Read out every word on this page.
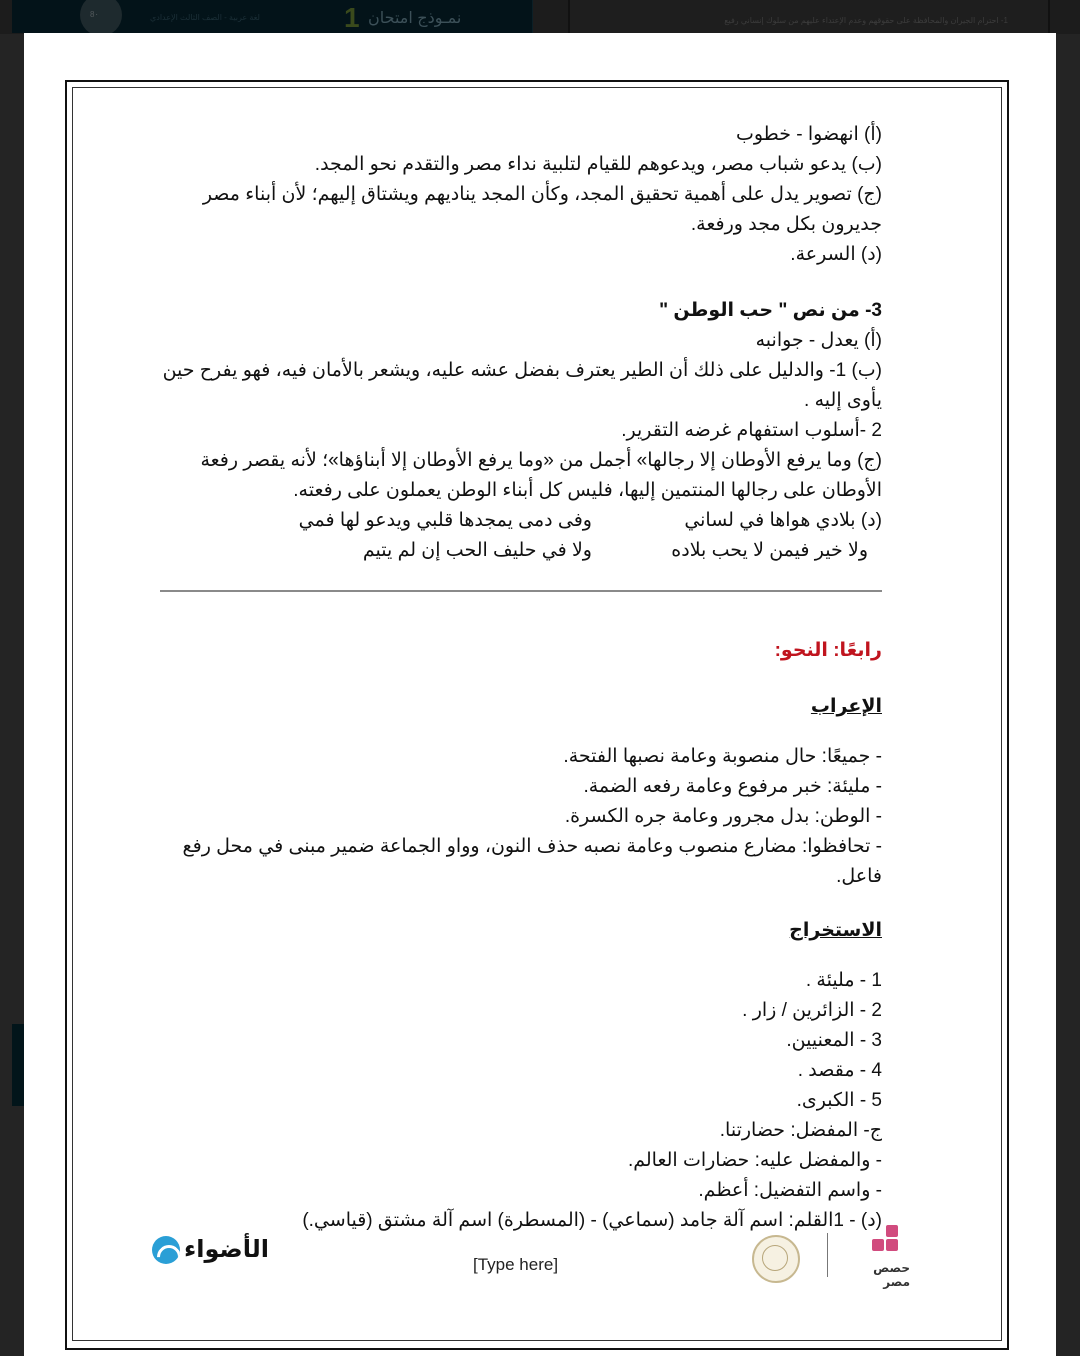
8٠	لغة عربية - الصف الثالث الإعدادي	1 نمـوذج امتحان	1- احترام الجيران والمحافظة على حقوقهم وعدم الإعتداء عليهم من سلوك إنساني رفيع
(أ) انهضوا - خطوب
(ب) يدعو شباب مصر، ويدعوهم للقيام لتلبية نداء مصر والتقدم نحو المجد.
(ج) تصوير يدل على أهمية تحقيق المجد، وكأن المجد يناديهم ويشتاق إليهم؛ لأن أبناء مصر
جديرون بكل مجد ورفعة.
(د) السرعة.
3- من نص " حب الوطن "
(أ) يعدل - جوانبه
(ب) 1- والدليل على ذلك أن الطير يعترف بفضل عشه عليه، ويشعر بالأمان فيه، فهو يفرح حين
يأوى إليه .
2 -أسلوب استفهام غرضه التقرير.
(ج) وما يرفع الأوطان إلا رجالها» أجمل من «وما يرفع الأوطان إلا أبناؤها»؛ لأنه يقصر رفعة
الأوطان على رجالها المنتمين إليها، فليس كل أبناء الوطن يعملون على رفعته.
(د) بلادي هواها في لساني
وفى دمى يمجدها قلبي ويدعو لها فمي
ولا خير فيمن لا يحب بلاده
ولا في حليف الحب إن لم يتيم
رابعًا: النحو:
الإعراب
- جميعًا: حال منصوبة وعامة نصبها الفتحة.
- مليئة: خبر مرفوع وعامة رفعه الضمة.
- الوطن: بدل مجرور وعامة جره الكسرة.
- تحافظوا: مضارع منصوب وعامة نصبه حذف النون، وواو الجماعة ضمير مبنى في محل رفع
فاعل.
الاستخراج
1 - مليئة .
2 - الزائرين / زار .
3 - المعنيين.
4 - مقصد .
5 - الكبرى.
ج- المفضل: حضارتنا.
- والمفضل عليه: حضارات العالم.
- واسم التفضيل: أعظم.
(د) - 1القلم: اسم آلة جامد (سماعي) - (المسطرة) اسم آلة مشتق (قياسي.)
الأضواء
[Type here]	حصص مصر
